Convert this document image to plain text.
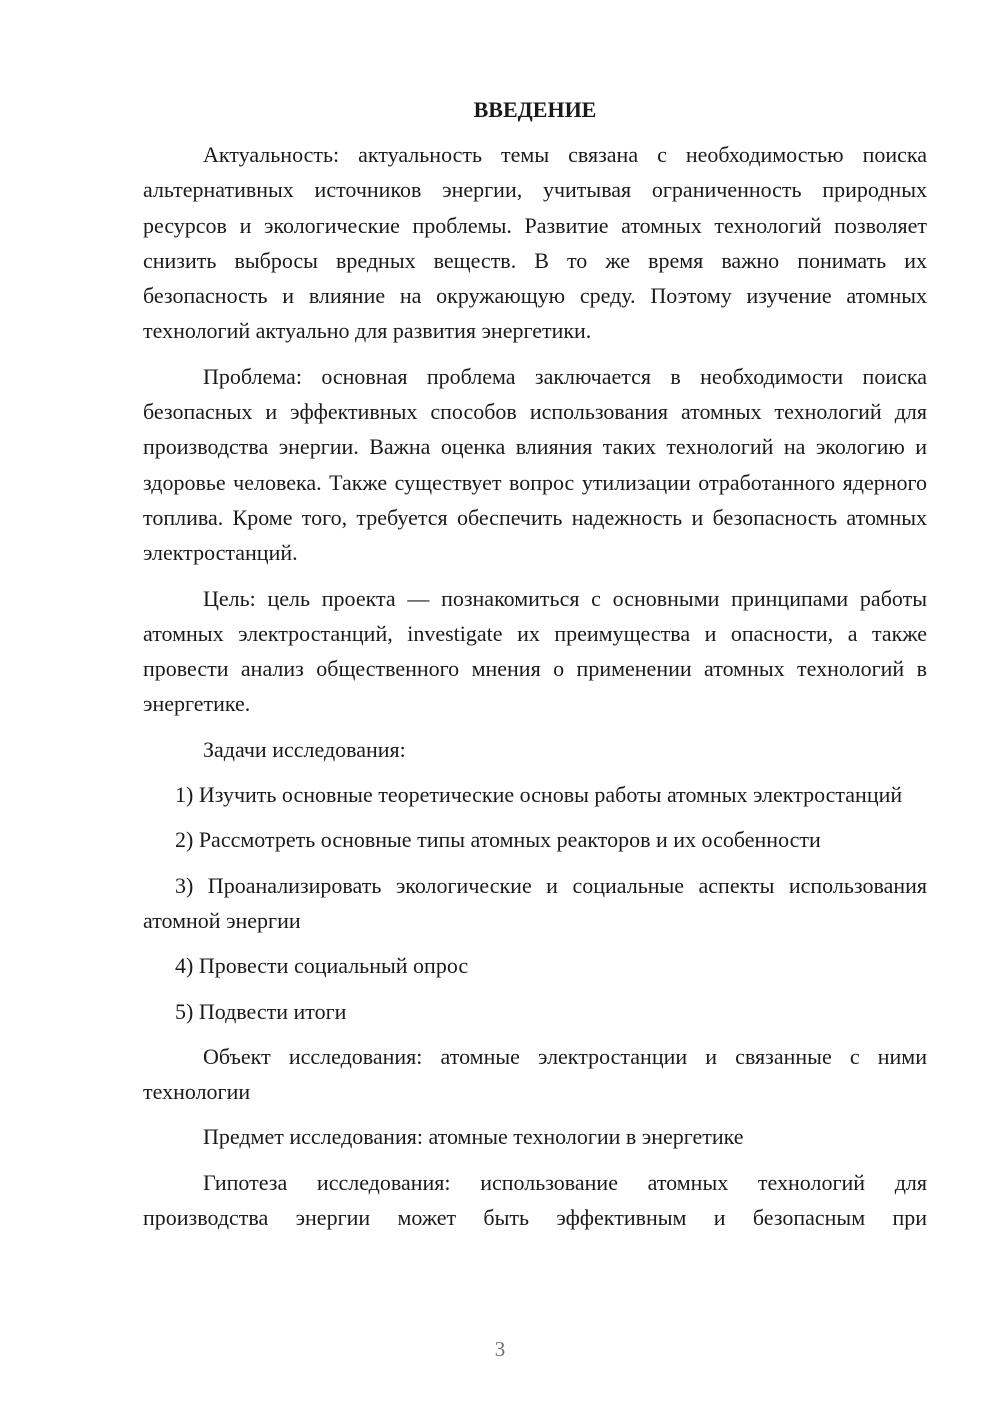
ВВЕДЕНИЕ

Актуальность: актуальность темы связана с необходимостью поиска альтернативных источников энергии, учитывая ограниченность природных ресурсов и экологические проблемы. Развитие атомных технологий позволяет снизить выбросы вредных веществ. В то же время важно понимать их безопасность и влияние на окружающую среду. Поэтому изучение атомных технологий актуально для развития энергетики.

Проблема: основная проблема заключается в необходимости поиска безопасных и эффективных способов использования атомных технологий для производства энергии. Важна оценка влияния таких технологий на экологию и здоровье человека. Также существует вопрос утилизации отработанного ядерного топлива. Кроме того, требуется обеспечить надежность и безопасность атомных электростанций.

Цель: цель проекта — познакомиться с основными принципами работы атомных электростанций, investigate их преимущества и опасности, а также провести анализ общественного мнения о применении атомных технологий в энергетике.

Задачи исследования:

1) Изучить основные теоретические основы работы атомных электростанций

2) Рассмотреть основные типы атомных реакторов и их особенности

3) Проанализировать экологические и социальные аспекты использования атомной энергии

4) Провести социальный опрос

5) Подвести итоги

Объект исследования: атомные электростанции и связанные с ними технологии

Предмет исследования: атомные технологии в энергетике

Гипотеза исследования: использование атомных технологий для производства энергии может быть эффективным и безопасным при

3
